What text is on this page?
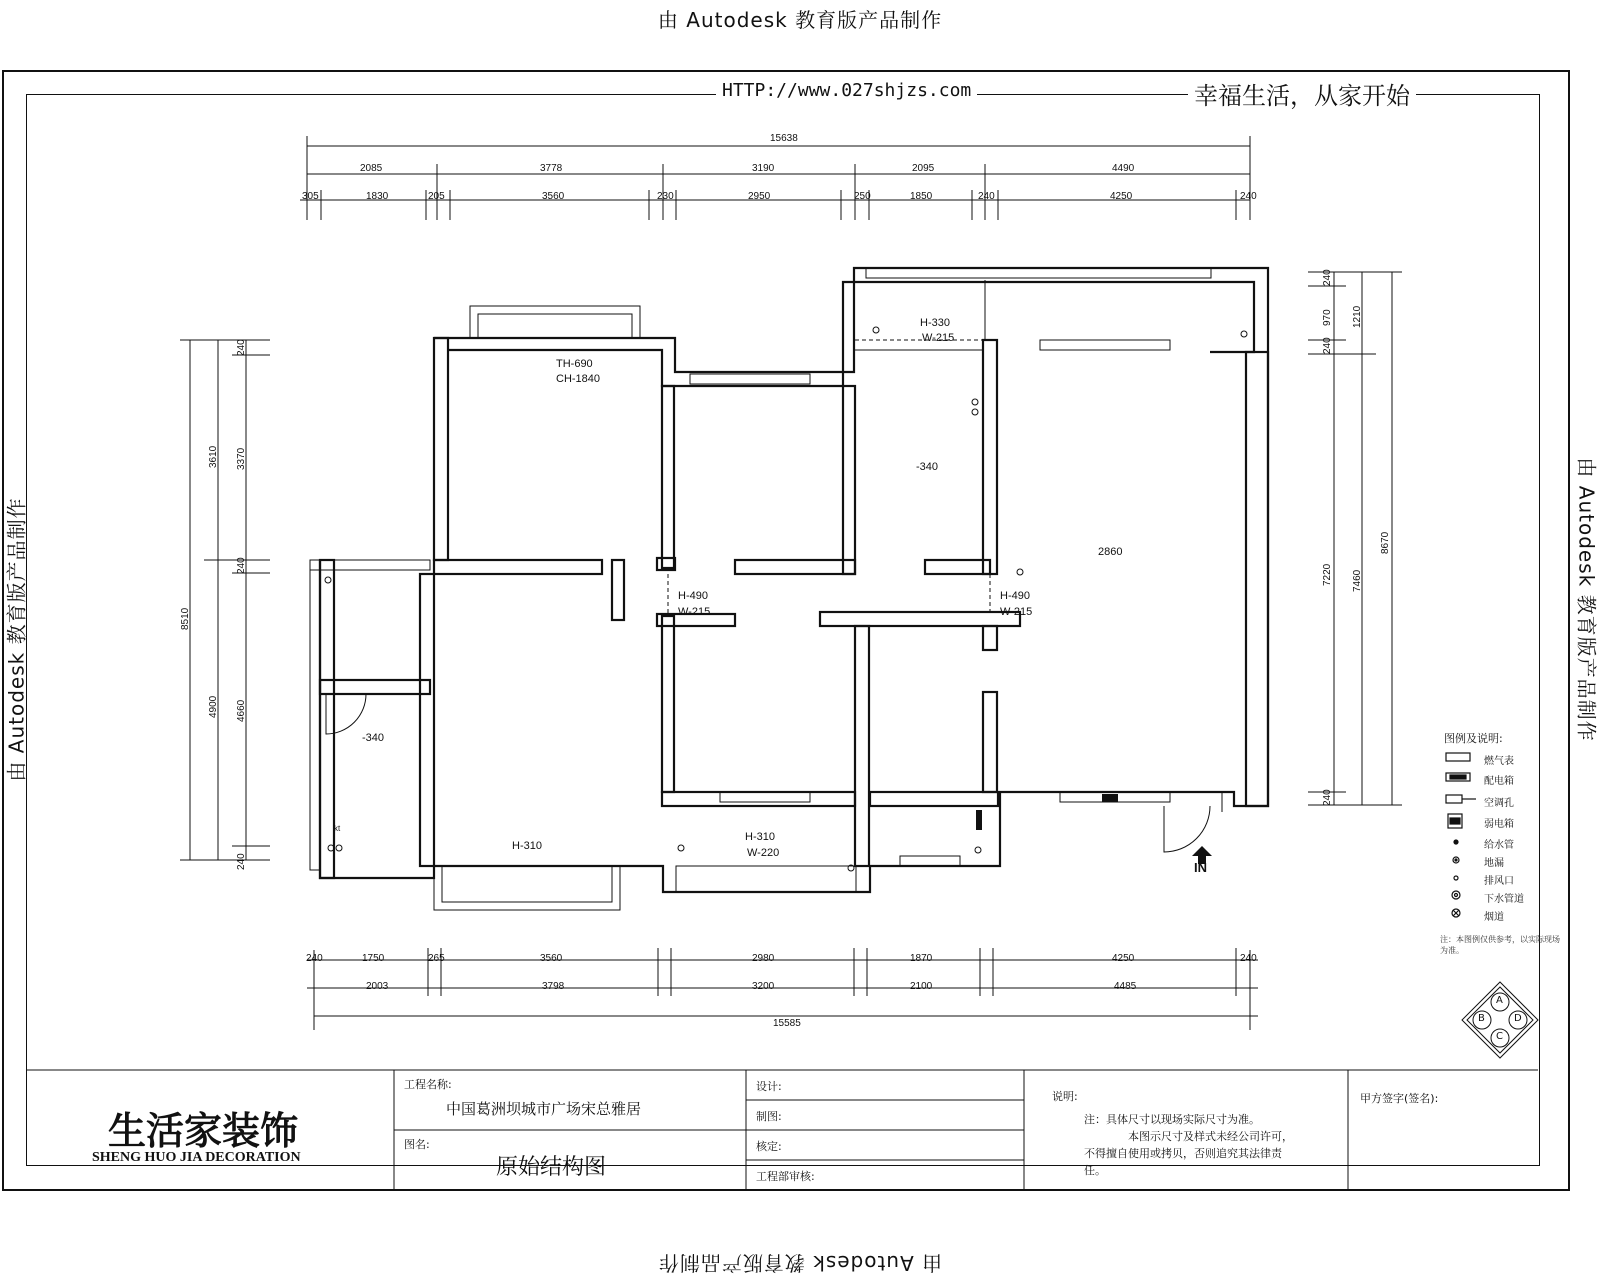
由 Autodesk 教育版产品制作
由 Autodesk 教育版产品制作
由 Autodesk 教育版产品制作	由 Autodesk 教育版产品制作
HTTP://www.027shjzs.com	幸福生活，从家开始
15638
2085	3778	3190	2095	4490
305	1830	205	3560	230	2950	250	1850	240	4250	240
240	1750	265	3560	2980	1870	4250	240
2003	3798	3200	2100	4485
15585
8510
3610
4900
240
3370
240
4660
240
240
970
240
7220
240
1210
7460
8670
TH-690
CH-1840
H-330
W-215
-340
H-490
W-215
H-490
W-215
2860
-340
H-310
H-310
W-220
kt
IN
图例及说明:
燃气表
配电箱
空调孔
弱电箱
给水管
地漏
排风口
下水管道
烟道
注：本图例仅供参考，以实际现场为准。
A
B	D
C
生活家装饰
SHENG HUO JIA DECORATION
工程名称:
中国葛洲坝城市广场宋总雅居
图名:
原始结构图
设计:
制图:
核定:
工程部审核:
说明:
注：具体尺寸以现场实际尺寸为准。
本图示尺寸及样式未经公司许可，
不得擅自使用或拷贝，否则追究其法律责
任。
甲方签字(签名):
